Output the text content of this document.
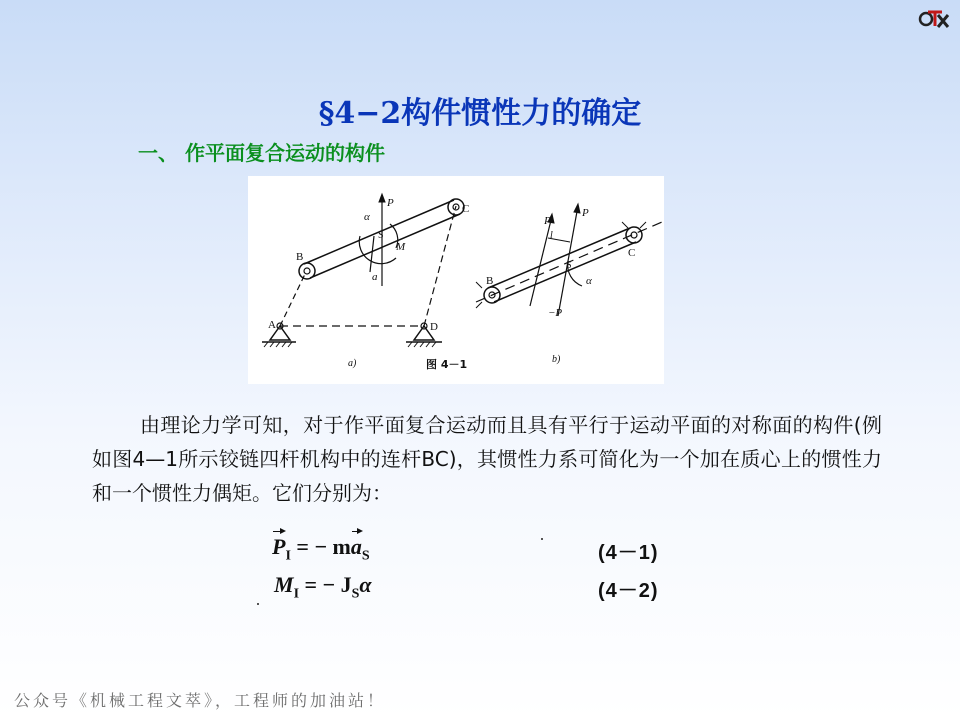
§4−2构件惯性力的确定
一、 作平面复合运动的构件
A
B
C
D
S
P
M
α
a
a)
B
C
S
P
P
l
α
−P
b)
图 4－1
由理论力学可知，对于作平面复合运动而且具有平行于运动平面的对称面的构件(例如图4—1所示铰链四杆机构中的连杆BC)，其惯性力系可简化为一个加在质心上的惯性力和一个惯性力偶矩。它们分别为：
$P_I$ = − $ma_S$
$M_I$ = − $J_S\alpha$
(4－1)
(4－2)
公众号《机械工程文萃》，工程师的加油站！
